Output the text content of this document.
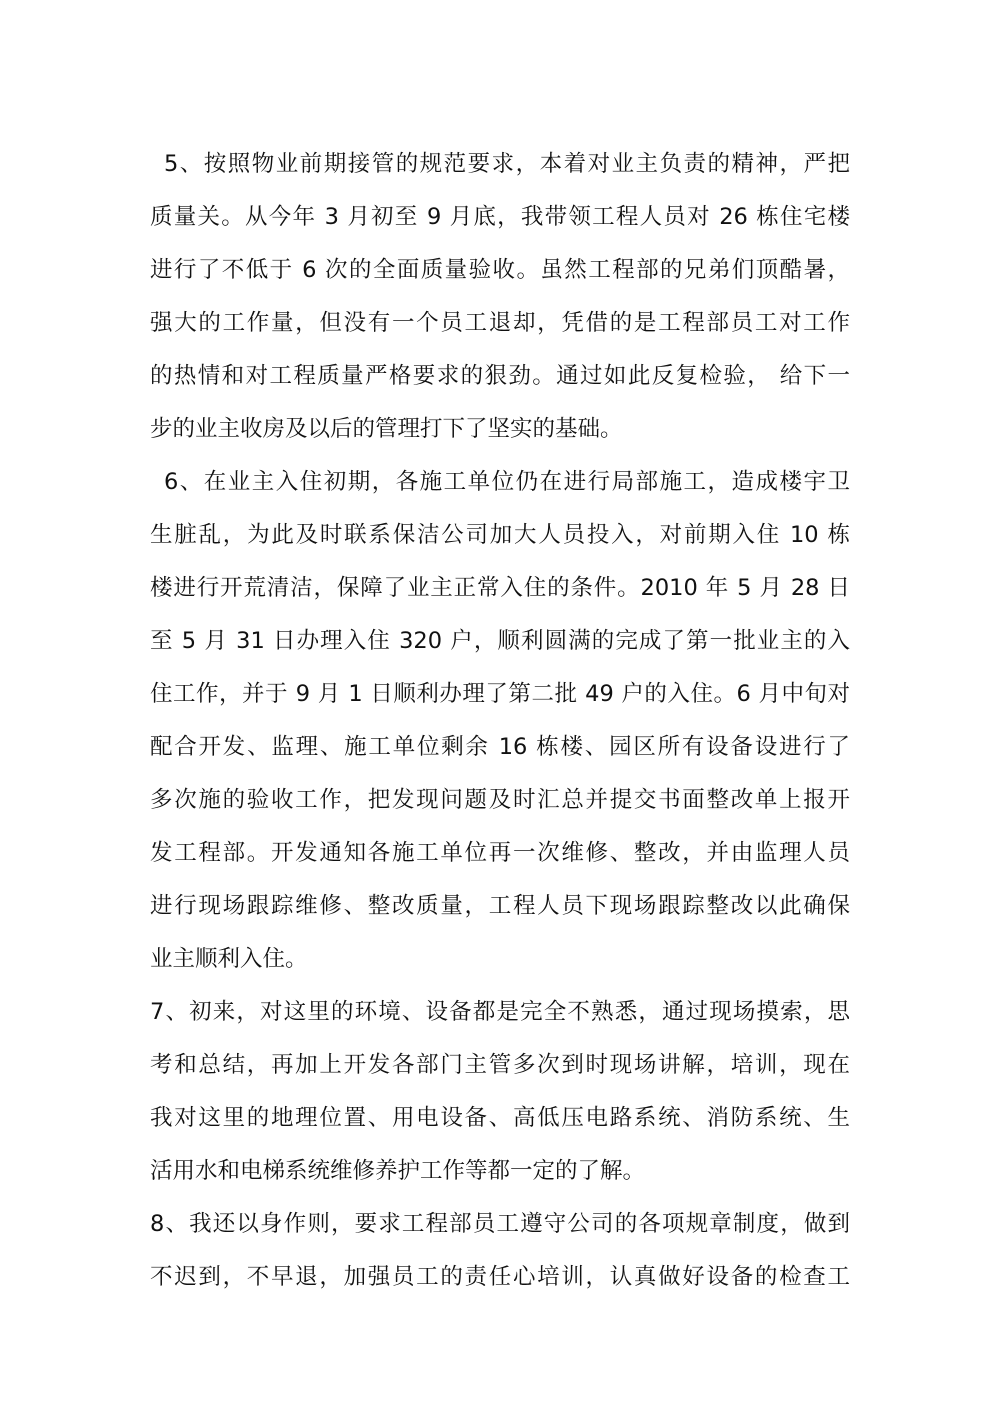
5、按照物业前期接管的规范要求，本着对业主负责的精神，严把
质量关。从今年 3 月初至 9 月底，我带领工程人员对 26 栋住宅楼
进行了不低于 6 次的全面质量验收。虽然工程部的兄弟们顶酷暑，
强大的工作量，但没有一个员工退却，凭借的是工程部员工对工作
的热情和对工程质量严格要求的狠劲。通过如此反复检验， 给下一
步的业主收房及以后的管理打下了坚实的基础。
6、在业主入住初期，各施工单位仍在进行局部施工，造成楼宇卫
生脏乱，为此及时联系保洁公司加大人员投入，对前期入住 10 栋
楼进行开荒清洁，保障了业主正常入住的条件。2010 年 5 月 28 日
至 5 月 31 日办理入住 320 户，顺利圆满的完成了第一批业主的入
住工作，并于 9 月 1 日顺利办理了第二批 49 户的入住。6 月中旬对
配合开发、监理、施工单位剩余 16 栋楼、园区所有设备设进行了
多次施的验收工作，把发现问题及时汇总并提交书面整改单上报开
发工程部。开发通知各施工单位再一次维修、整改，并由监理人员
进行现场跟踪维修、整改质量，工程人员下现场跟踪整改以此确保
业主顺利入住。
7、初来，对这里的环境、设备都是完全不熟悉，通过现场摸索，思
考和总结，再加上开发各部门主管多次到时现场讲解，培训，现在
我对这里的地理位置、用电设备、高低压电路系统、消防系统、生
活用水和电梯系统维修养护工作等都一定的了解。
8、我还以身作则，要求工程部员工遵守公司的各项规章制度，做到
不迟到，不早退，加强员工的责任心培训，认真做好设备的检查工
